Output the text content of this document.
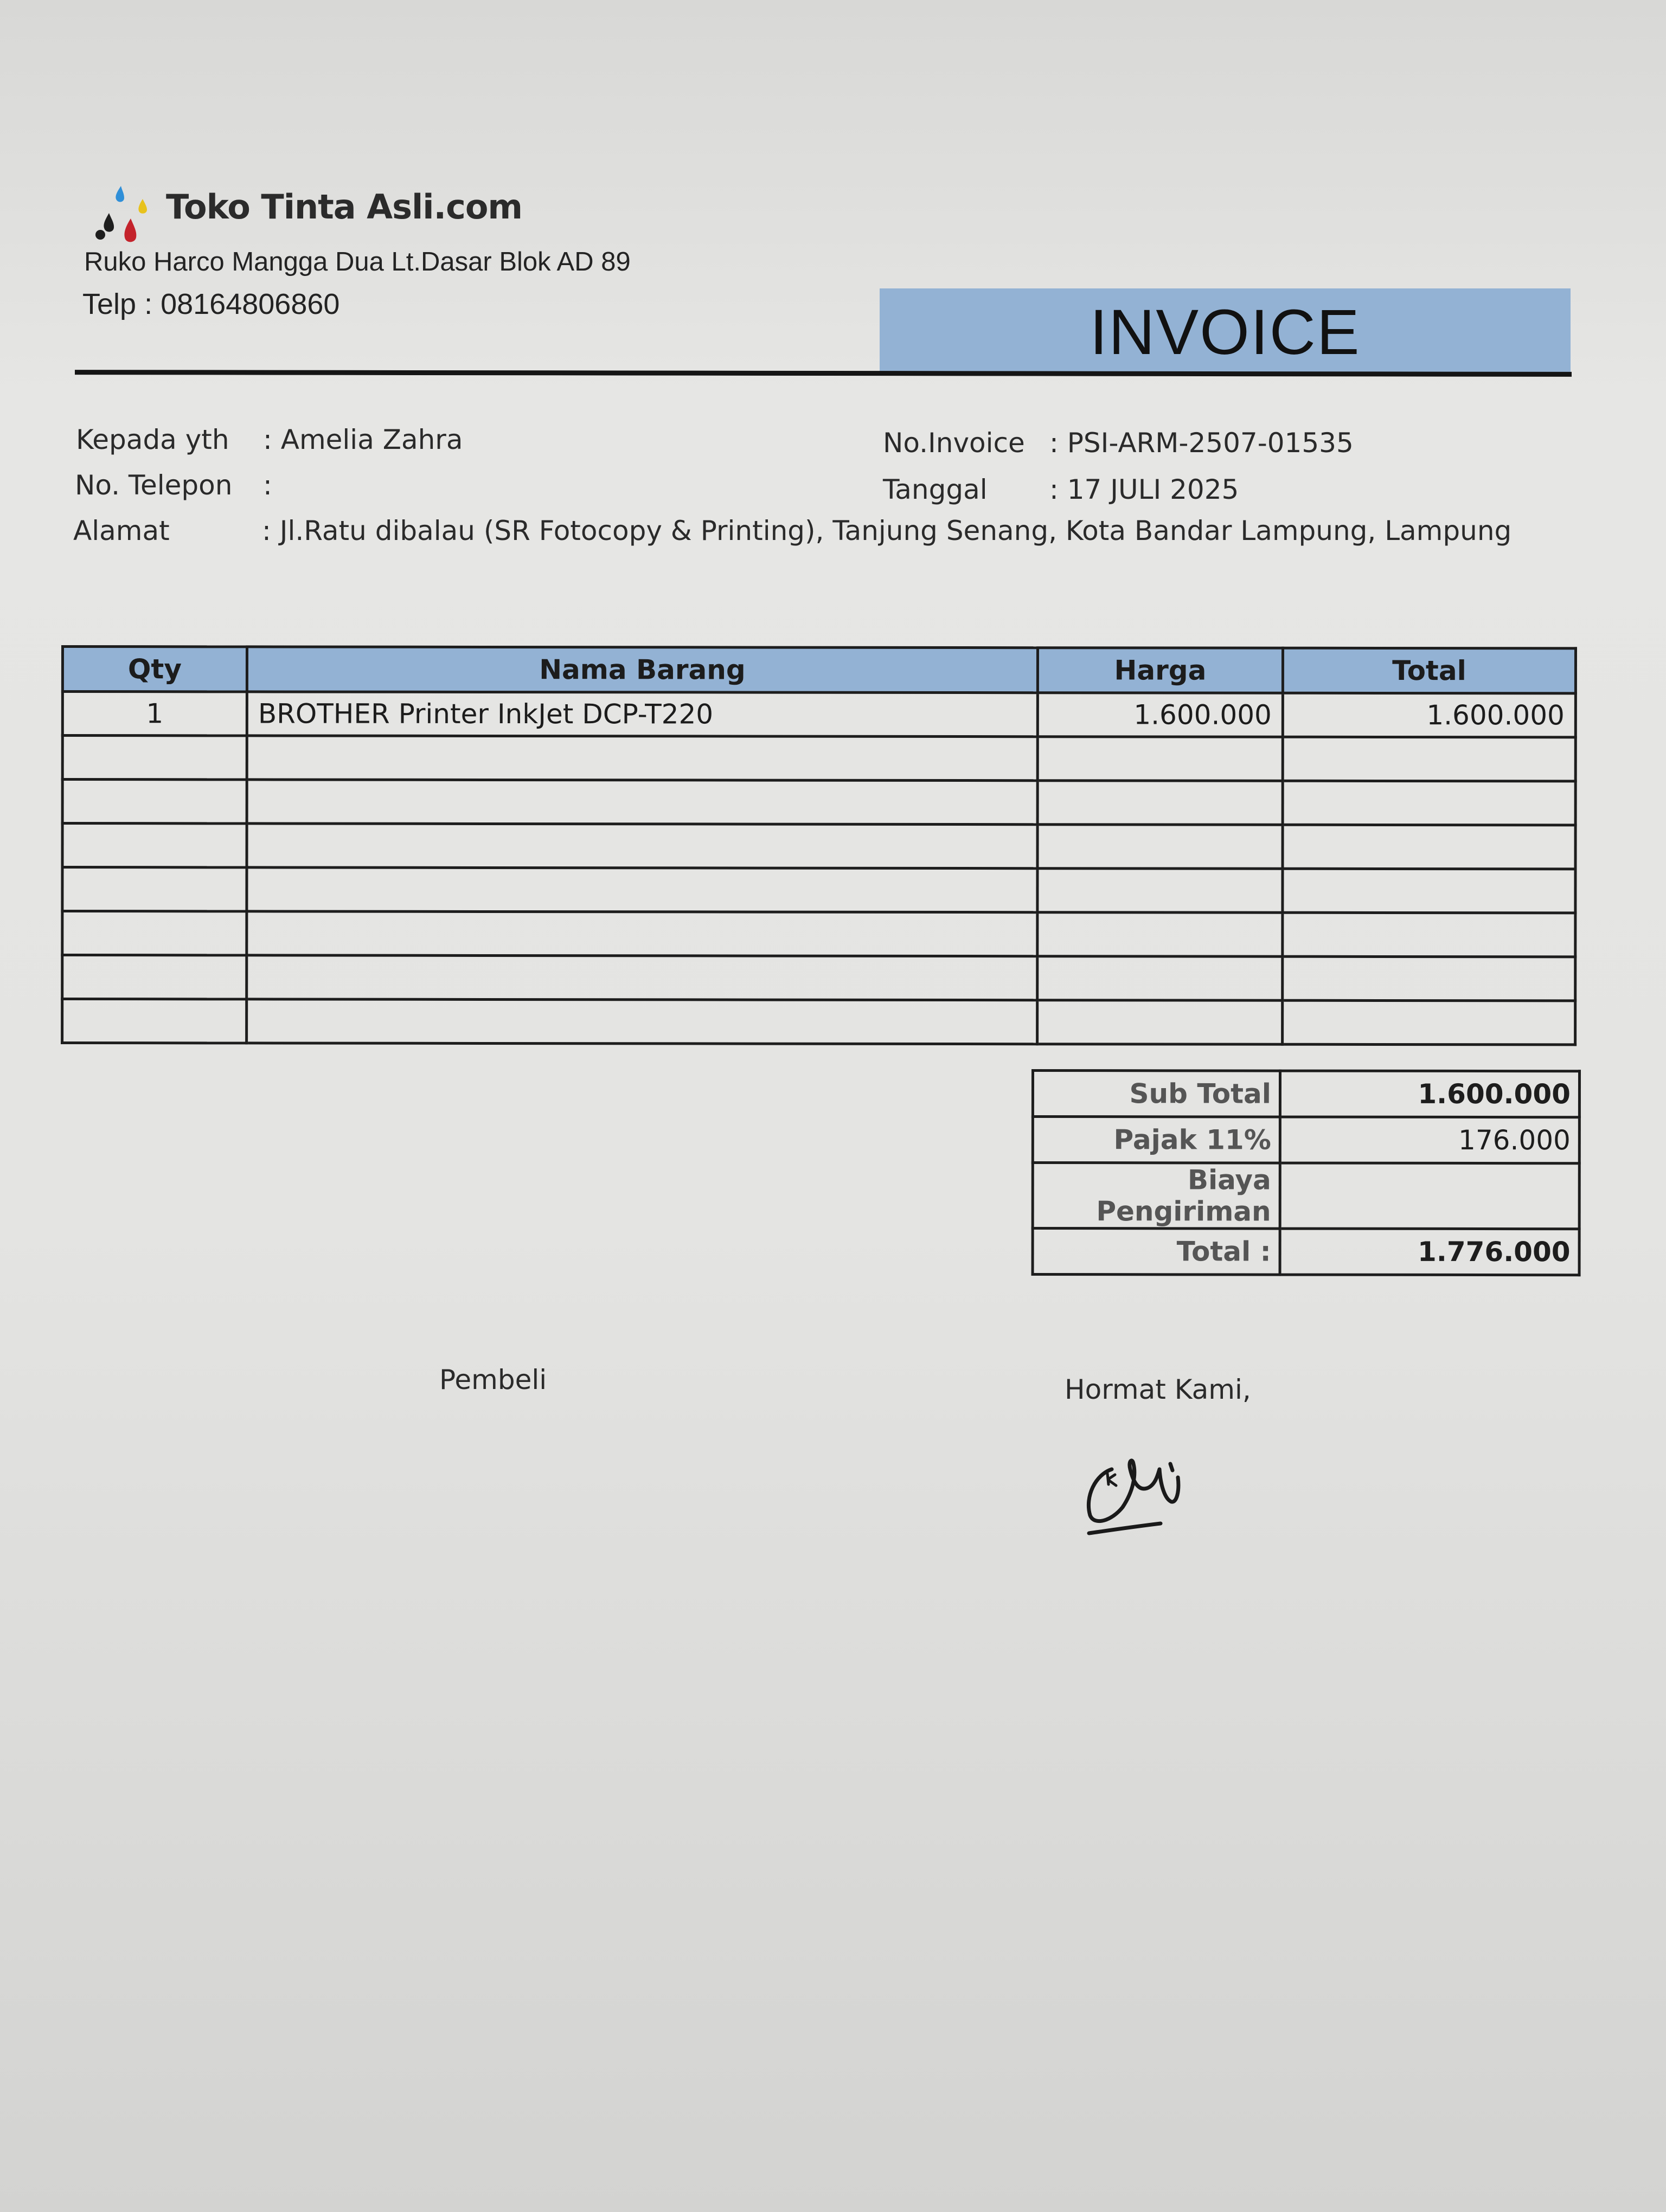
Toko Tinta Asli.com
Ruko Harco Mangga Dua Lt.Dasar Blok AD 89
Telp : 08164806860	INVOICE
Kepada yth : Amelia Zahra
No. Telepon :
Alamat	: Jl.Ratu dibalau (SR Fotocopy & Printing), Tanjung Senang, Kota Bandar Lampung, Lampung
No.Invoice : PSI-ARM-2507-01535
Tanggal : 17 JULI 2025
Qty	Nama Barang	Harga	Total
1	BROTHER Printer InkJet DCP-T220	1.600.000	1.600.000

Sub Total	1.600.000
Pajak 11%	176.000
Biaya Pengiriman	
Total :	1.776.000
Pembeli	Hormat Kami,
